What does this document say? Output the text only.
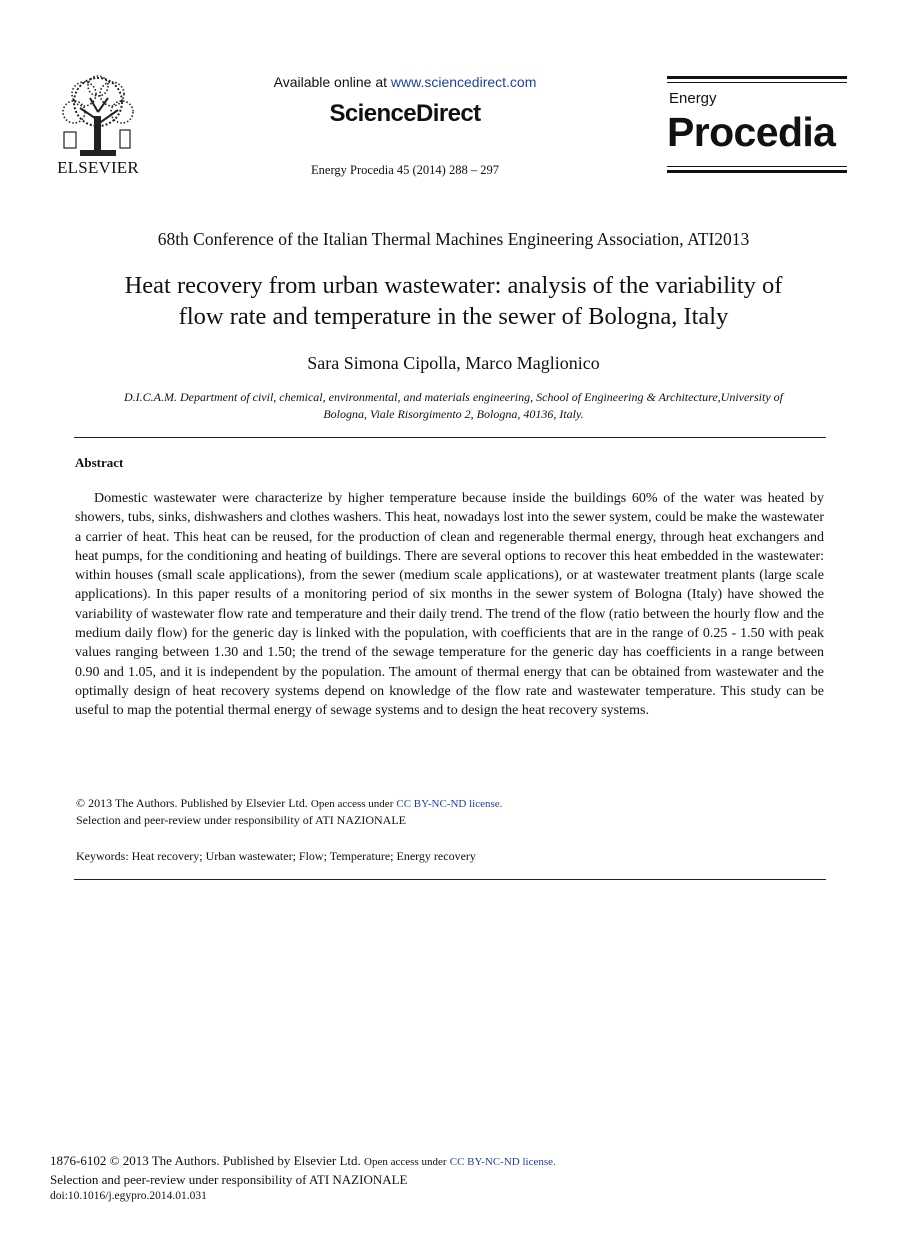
ELSEVIER
Available online at www.sciencedirect.com
ScienceDirect
Energy Procedia 45 (2014) 288 – 297
Energy
Procedia
68th Conference of the Italian Thermal Machines Engineering Association, ATI2013
Heat recovery from urban wastewater: analysis of the variability of
flow rate and temperature in the sewer of Bologna, Italy
Sara Simona Cipolla, Marco Maglionico
D.I.C.A.M. Department of civil, chemical, environmental, and materials engineering, School of Engineering & Architecture,University of
Bologna, Viale Risorgimento 2, Bologna, 40136, Italy.
Abstract

Domestic wastewater were characterize by higher temperature because inside the buildings 60% of the water was heated by showers, tubs, sinks, dishwashers and clothes washers. This heat, nowadays lost into the sewer system, could be make the wastewater a carrier of heat. This heat can be reused, for the production of clean and regenerable thermal energy, through heat exchangers and heat pumps, for the conditioning and heating of buildings. There are several options to recover this heat embedded in the wastewater: within houses (small scale applications), from the sewer (medium scale applications), or at wastewater treatment plants (large scale applications). In this paper results of a monitoring period of six months in the sewer system of Bologna (Italy) have showed the variability of wastewater flow rate and temperature and their daily trend. The trend of the flow (ratio between the hourly flow and the medium daily flow) for the generic day is linked with the population, with coefficients that are in the range of 0.25 - 1.50 with peak values ranging between 1.30 and 1.50; the trend of the sewage temperature for the generic day has coefficients in a range between 0.90 and 1.05, and it is independent by the population. The amount of thermal energy that can be obtained from wastewater and the optimally design of heat recovery systems depend on knowledge of the flow rate and wastewater temperature. This study can be useful to map the potential thermal energy of sewage systems and to design the heat recovery systems.

© 2013 The Authors. Published by Elsevier Ltd. Open access under CC BY-NC-ND license.
Selection and peer-review under responsibility of ATI NAZIONALE
Keywords: Heat recovery; Urban wastewater; Flow; Temperature; Energy recovery
1876-6102 © 2013 The Authors. Published by Elsevier Ltd. Open access under CC BY-NC-ND license.
Selection and peer-review under responsibility of ATI NAZIONALE
doi:10.1016/j.egypro.2014.01.031
